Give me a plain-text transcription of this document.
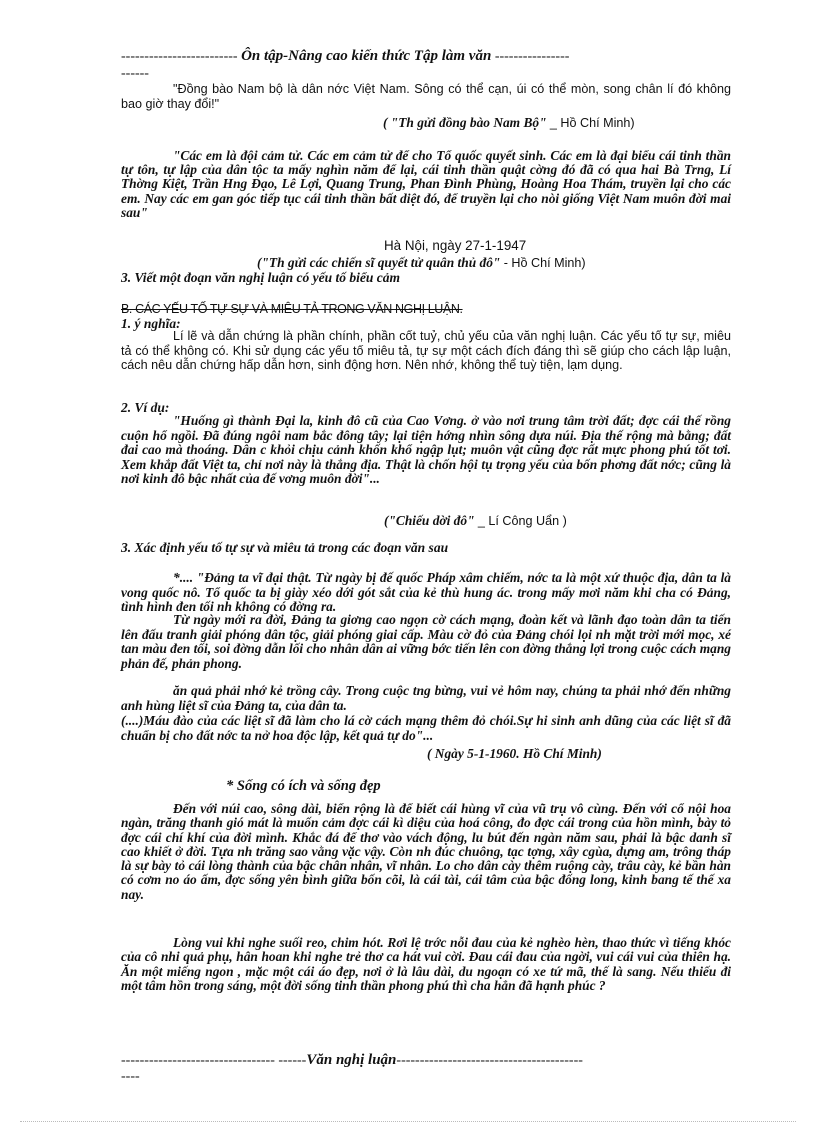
------------------------- Ôn tập-Nâng cao kiến thức Tập làm văn ----------------
------
"Đồng bào Nam bộ là dân nớc Việt Nam. Sông có thể cạn, úi có thể mòn, song chân lí đó không bao giờ thay đổi!"
( "Th gửi đồng bào Nam Bộ" _ Hồ Chí Minh)
"Các em là đội cảm tử. Các em cảm tử để cho Tổ quốc quyết sinh. Các em là đại biểu cái tinh thần tự tôn, tự lập của dân tộc ta mấy nghìn năm để lại, cái tinh thần quật cờng đó đã có qua hai Bà Trng, Lí Thờng Kiệt, Trần Hng Đạo, Lê Lợi, Quang Trung, Phan Đình Phùng, Hoàng Hoa Thám, truyền lại cho các em. Nay các em gan góc tiếp tục cái tinh thần bất diệt đó, để truyền lại cho nòi giống Việt Nam muôn đời mai sau"
Hà Nội, ngày 27-1-1947
("Th gửi các chiến sĩ quyết tử quân thủ đô" - Hồ Chí Minh)
3. Viết một đoạn văn nghị luận có yếu tố biểu cảm
B. CÁC YẾU TỐ TỰ SỰ VÀ MIÊU TẢ TRONG VĂN NGHỊ LUẬN.
1. ý nghĩa:
Lí lẽ và dẫn chứng là phần chính, phần cốt tuỷ, chủ yếu của văn nghị luận. Các yếu tố tự sự, miêu tả có thể không có. Khi sử dụng các yếu tố miêu tả, tự sự một cách đích đáng thì sẽ giúp cho cách lập luận, cách nêu dẫn chứng hấp dẫn hơn, sinh động hơn. Nên nhớ, không thể tuỳ tiện, lạm dụng.
2. Ví dụ:
"Huống gì thành Đại la, kinh đô cũ của Cao Vơng. ở vào nơi trung tâm trời đất; đợc cái thế rồng cuộn hổ ngồi. Đã đúng ngôi nam bắc đông tây; lại tiện hớng nhìn sông dựa núi. Địa thế rộng mà bằng; đất đai cao mà thoáng. Dân c khỏi chịu cảnh khốn khổ ngập lụt; muôn vật cũng đợc rất mực phong phú tốt tơi. Xem khắp đất Việt ta, chỉ nơi này là thắng địa. Thật là chốn hội tụ trọng yếu của bốn phơng đất nớc; cũng là nơi kinh đô bậc nhất của đế vơng muôn đời"...
("Chiếu dời đô" _ Lí Công Uẩn )
3. Xác định yếu tố tự sự và miêu tả trong các đoạn văn sau
*.... "Đảng ta vĩ đại thật. Từ ngày bị đế quốc Pháp xâm chiếm, nớc ta là một xứ thuộc địa, dân ta là vong quốc nô. Tổ quốc ta bị giày xéo dới gót sắt của kẻ thù hung ác. trong mấy mơi năm khi cha có Đảng, tình hình đen tối nh không có đờng ra.
Từ ngày mới ra đời, Đảng ta giơng cao ngọn cờ cách mạng, đoàn kết và lãnh đạo toàn dân ta tiến lên đấu tranh giải phóng dân tộc, giải phóng giai cấp. Màu cờ đỏ của Đảng chói lọi nh mặt trời mới mọc, xé tan màu đen tối, soi đờng dẫn lối cho nhân dân ai vững bớc tiến lên con đờng thắng lợi trong cuộc cách mạng phản đế, phản phong.
ăn quả phải nhớ kẻ trồng cây. Trong cuộc tng bừng, vui vẻ hôm nay, chúng ta phải nhớ đến những anh hùng liệt sĩ của Đảng ta, của dân ta.
(....)Máu đào của các liệt sĩ đã làm cho lá cờ cách mạng thêm đỏ chói.Sự hi sinh anh dũng của các liệt sĩ đã chuẩn bị cho đất nớc ta nở hoa độc lập, kết quả tự do"...
( Ngày 5-1-1960. Hồ Chí Minh)
* Sống có ích và sống đẹp
Đến với núi cao, sông dài, biển rộng là để biết cái hùng vĩ của vũ trụ vô cùng. Đến với cổ nội hoa ngàn, trăng thanh gió mát là muốn cảm đợc cái kì diệu của hoá công, đo đợc cái trong của hồn mình, bày tỏ đợc cái chí khí của đời mình. Khắc đá để thơ vào vách động, lu bút đến ngàn năm sau, phải là bậc danh sĩ cao khiết ở đời. Tựa nh trăng sao vằng vặc vậy. Còn nh đúc chuông, tạc tợng, xây cgùa, dựng am, trông tháp là sự bày tỏ cái lòng thành của bậc chân nhân, vĩ nhân. Lo cho dân cày thêm ruộng cày, trâu cày, kẻ bần hàn có cơm no áo ấm, đợc sống yên bình giữa bốn cõi, là cái tài, cái tâm của bậc đống long, kinh bang tế thế xa nay.
Lòng vui khi nghe suối reo, chim hót. Rơi lệ trớc nỗi đau của kẻ nghèo hèn, thao thức vì tiếng khóc của cô nhi quả phụ, hân hoan khi nghe trẻ thơ ca hát vui cời. Đau cái đau của ngời, vui cái vui của thiên hạ. Ăn một miếng ngon , mặc một cái áo đẹp, nơi ở là lâu dài, du ngoạn có xe tứ mã, thế là sang. Nếu thiếu đi một tâm hồn trong sáng, một đời sống tinh thần phong phú thì cha hẳn đã hạnh phúc ?
--------------------------------- ------Văn nghị luận----------------------------------------
----
